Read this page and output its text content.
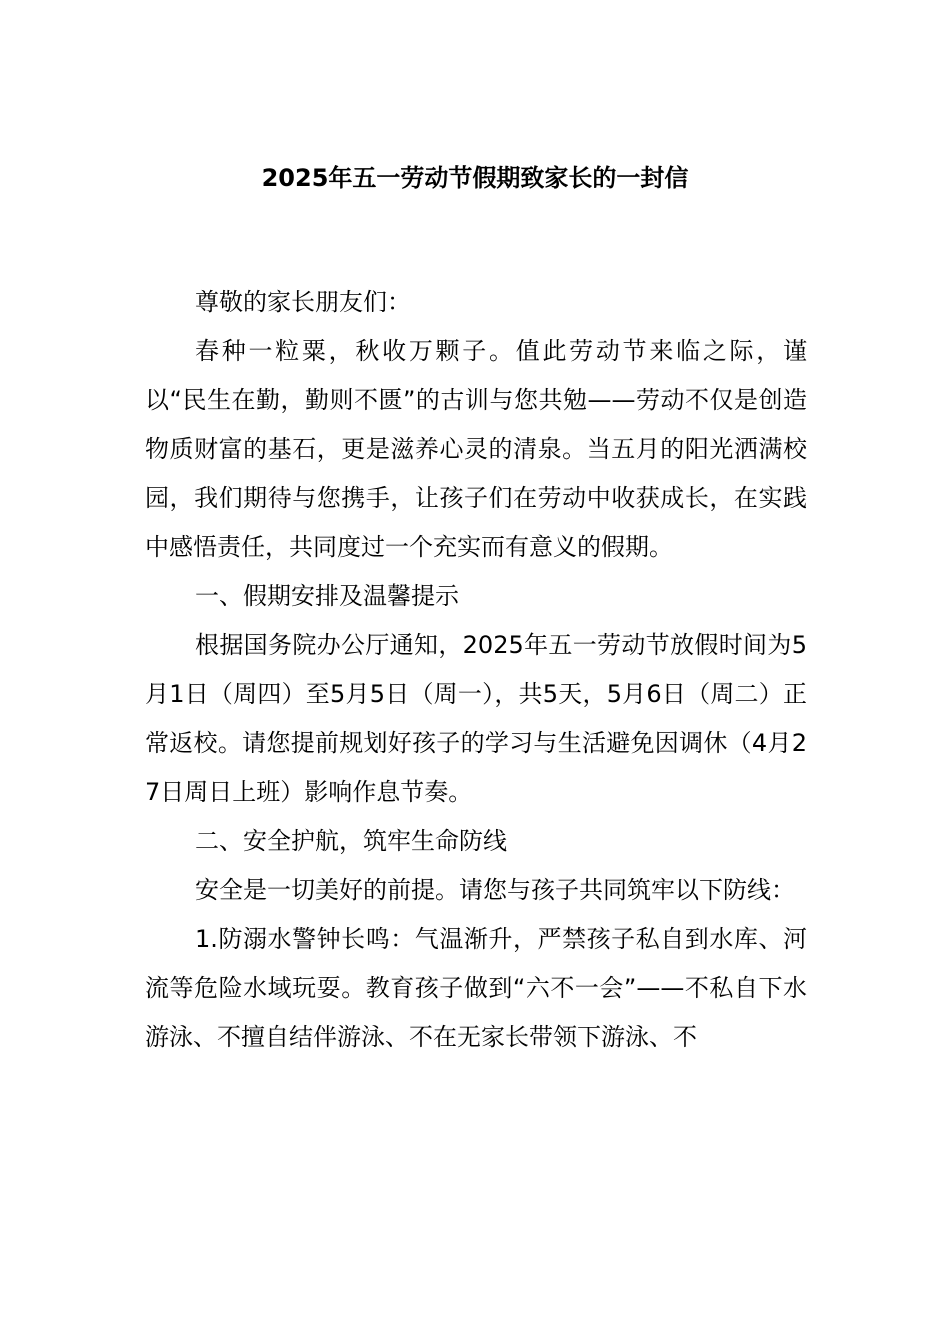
2025年五一劳动节假期致家长的一封信

尊敬的家长朋友们：

春种一粒粟，秋收万颗子。值此劳动节来临之际，谨以“民生在勤，勤则不匮”的古训与您共勉——劳动不仅是创造物质财富的基石，更是滋养心灵的清泉。当五月的阳光洒满校园，我们期待与您携手，让孩子们在劳动中收获成长，在实践中感悟责任，共同度过一个充实而有意义的假期。

一、假期安排及温馨提示

根据国务院办公厅通知，2025年五一劳动节放假时间为5月1日（周四）至5月5日（周一），共5天，5月6日（周二）正常返校。请您提前规划好孩子的学习与生活避免因调休（4月27日周日上班）影响作息节奏。

二、安全护航，筑牢生命防线

安全是一切美好的前提。请您与孩子共同筑牢以下防线：

1.防溺水警钟长鸣：气温渐升，严禁孩子私自到水库、河流等危险水域玩耍。教育孩子做到“六不一会”——不私自下水游泳、不擅自结伴游泳、不在无家长带领下游泳、不
